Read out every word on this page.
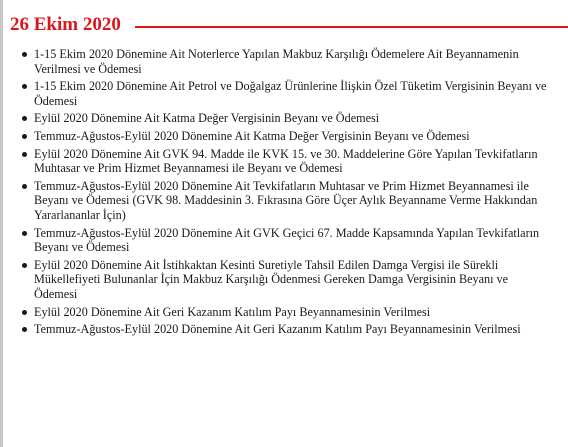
26 Ekim 2020
1-15 Ekim 2020 Dönemine Ait Noterlerce Yapılan Makbuz Karşılığı Ödemelere Ait Beyannamenin Verilmesi ve Ödemesi
1-15 Ekim 2020 Dönemine Ait Petrol ve Doğalgaz Ürünlerine İlişkin Özel Tüketim Vergisinin Beyanı ve Ödemesi
Eylül 2020 Dönemine Ait Katma Değer Vergisinin Beyanı ve Ödemesi
Temmuz-Ağustos-Eylül 2020 Dönemine Ait Katma Değer Vergisinin Beyanı ve Ödemesi
Eylül 2020 Dönemine Ait GVK 94. Madde ile KVK 15. ve 30. Maddelerine Göre Yapılan Tevkifatların Muhtasar ve Prim Hizmet Beyannamesi ile Beyanı ve Ödemesi
Temmuz-Ağustos-Eylül 2020 Dönemine Ait Tevkifatların Muhtasar ve Prim Hizmet Beyannamesi ile Beyanı ve Ödemesi (GVK 98. Maddesinin 3. Fıkrasına Göre Üçer Aylık Beyanname Verme Hakkından Yararlananlar İçin)
Temmuz-Ağustos-Eylül 2020 Dönemine Ait GVK Geçici 67. Madde Kapsamında Yapılan Tevkifatların Beyanı ve Ödemesi
Eylül 2020 Dönemine Ait İstihkaktan Kesinti Suretiyle Tahsil Edilen Damga Vergisi ile Sürekli Mükellefiyeti Bulunanlar İçin Makbuz Karşılığı Ödenmesi Gereken Damga Vergisinin Beyanı ve Ödemesi
Eylül 2020 Dönemine Ait Geri Kazanım Katılım Payı Beyannamesinin Verilmesi
Temmuz-Ağustos-Eylül 2020 Dönemine Ait Geri Kazanım Katılım Payı Beyannamesinin Verilmesi
